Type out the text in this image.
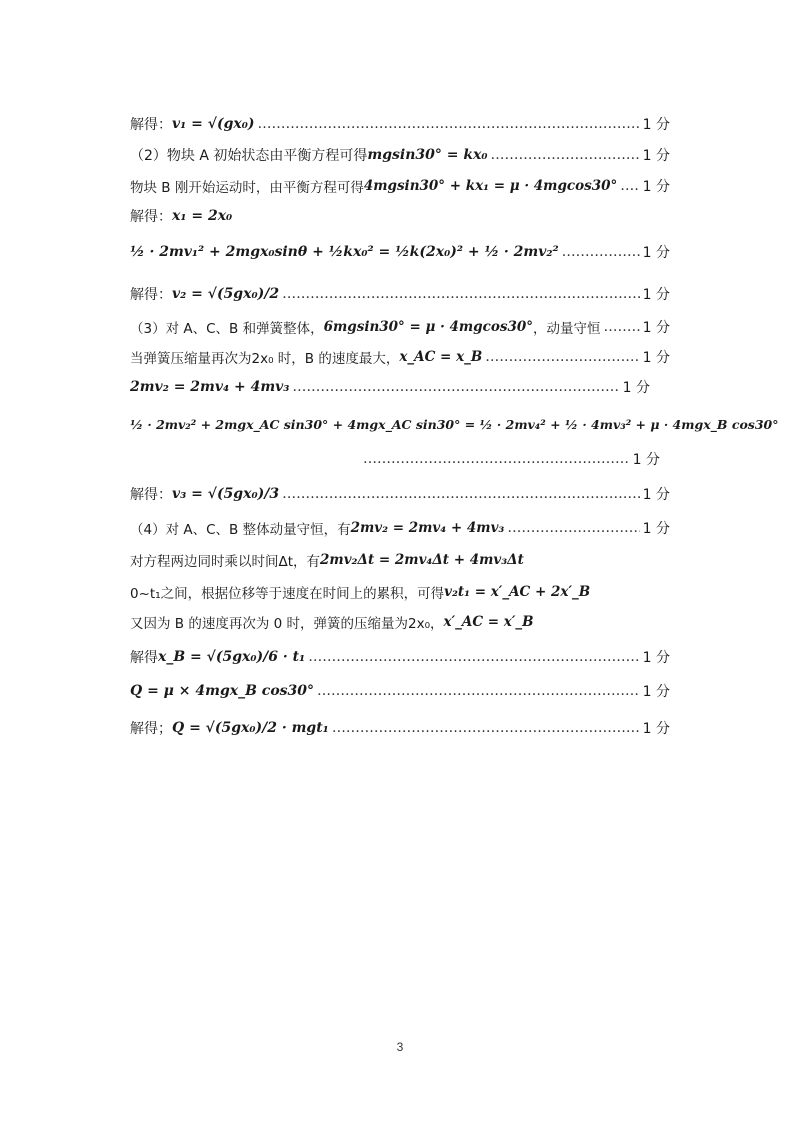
解得： v₁ = √(gx₀) ……………………………………………………………………………………………………………………………	1 分
（2）物块 A 初始状态由平衡方程可得 mgsin30° = kx₀ ……………………………………………………………………………………………………………………………	1 分
物块 B 刚开始运动时，由平衡方程可得 4mgsin30° + kx₁ = μ · 4mgcos30° …………………………………………………………………………………………………………………………… 1 分
解得： x₁ = 2x₀
½ · 2mv₁² + 2mgx₀sinθ + ½kx₀² = ½k(2x₀)² + ½ · 2mv₂² ……………………………………………………………………………………………………………………………	1 分
解得： v₂ = √(5gx₀)/2 ……………………………………………………………………………………………………………………………	1 分
（3）对 A、C、B 和弹簧整体， 6mgsin30° = μ · 4mgcos30° ，动量守恒 ……………………………………………………………………………………………………………………………	1 分
当弹簧压缩量再次为2x₀ 时，B 的速度最大， x_AC = x_B ……………………………………………………………………………………………………………………………	1 分
2mv₂ = 2mv₄ + 4mv₃ ……………………………………………………………………………………………………………………………	1 分
½ · 2mv₂² + 2mgx_AC sin30° + 4mgx_AC sin30° = ½ · 2mv₄² + ½ · 4mv₃² + μ · 4mgx_B cos30°
……………………………………………………………………………………………………………………………
1 分
解得： v₃ = √(5gx₀)/3 ……………………………………………………………………………………………………………………………	1 分
（4）对 A、C、B 整体动量守恒，有 2mv₂ = 2mv₄ + 4mv₃ ……………………………………………………………………………………………………………………………	1 分
对方程两边同时乘以时间Δt，有 2mv₂Δt = 2mv₄Δt + 4mv₃Δt
0~t₁之间，根据位移等于速度在时间上的累积，可得 v₂t₁ = x′_AC + 2x′_B
又因为 B 的速度再次为 0 时，弹簧的压缩量为2x₀， x′_AC = x′_B
解得 x_B = √(5gx₀)/6 · t₁ ……………………………………………………………………………………………………………………………	1 分
Q = μ × 4mgx_B cos30° ……………………………………………………………………………………………………………………………	1 分
解得； Q = √(5gx₀)/2 · mgt₁ ……………………………………………………………………………………………………………………………	1 分
3
